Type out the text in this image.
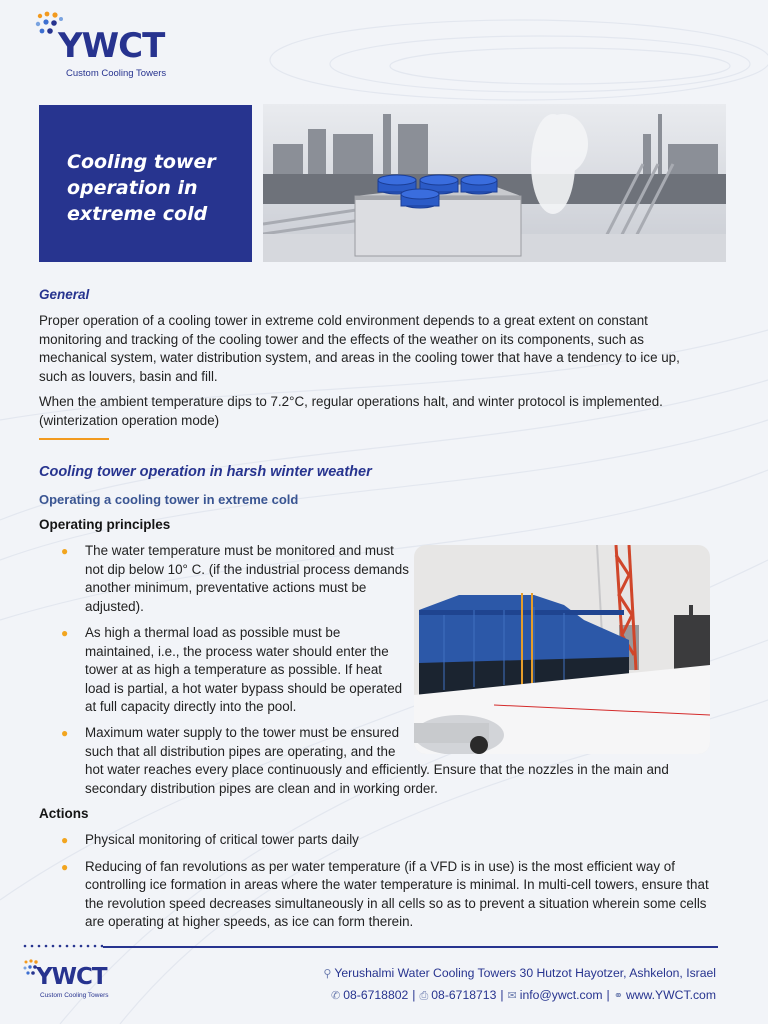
YWCT
Custom Cooling Towers
Cooling tower operation in extreme cold
General

Proper operation of a cooling tower in extreme cold environment depends to a great extent on constant monitoring and tracking of the cooling tower and the effects of the weather on its components, such as mechanical system, water distribution system, and areas in the cooling tower that have a tendency to ice up, such as louvers, basin and fill.

When the ambient temperature dips to 7.2°C, regular operations halt, and winter protocol is implemented. (winterization operation mode)

Cooling tower operation in harsh winter weather
Operating a cooling tower in extreme cold
Operating principles
● The water temperature must be monitored and must not dip below 10° C. (if the industrial process demands another minimum, preventative actions must be adjusted).
● As high a thermal load as possible must be maintained, i.e., the process water should enter the tower at as high a temperature as possible. If heat load is partial, a hot water bypass should be operated at full capacity directly into the pool.
● Maximum water supply to the tower must be ensured such that all distribution pipes are operating, and the hot water reaches every place continuously and efficiently. Ensure that the nozzles in the main and secondary distribution pipes are clean and in working order.
Actions
● Physical monitoring of critical tower parts daily
● Reducing of fan revolutions as per water temperature (if a VFD is in use) is the most efficient way of controlling ice formation in areas where the water temperature is minimal. In multi-cell towers, ensure that the revolution speed decreases simultaneously in all cells so as to prevent a situation wherein some cells are operating at higher speeds, as ice can form therein.
YWCT
Custom Cooling Towers
⚲ Yerushalmi Water Cooling Towers 30 Hutzot Hayotzer, Ashkelon, Israel
✆ 08-6718802 | ⎙ 08-6718713 | ✉ info@ywct.com | ⚭ www.YWCT.com
